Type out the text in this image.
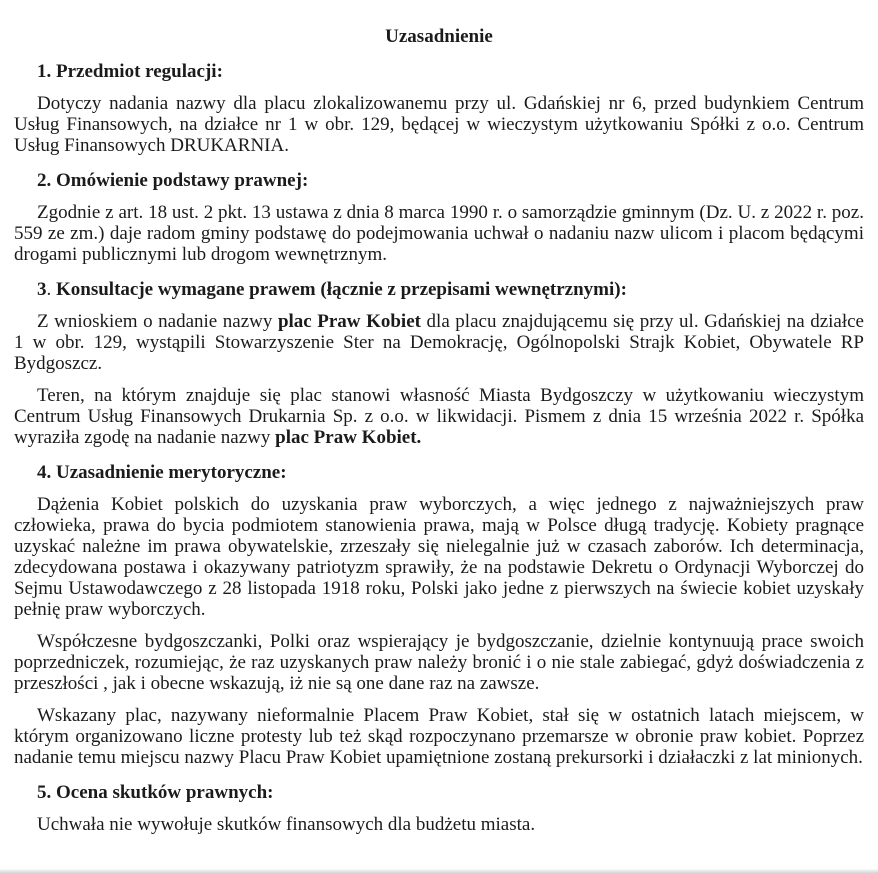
Uzasadnienie
1. Przedmiot regulacji:

Dotyczy nadania nazwy dla placu zlokalizowanemu przy ul. Gdańskiej nr 6, przed budynkiem Centrum Usług Finansowych, na działce nr 1 w obr. 129, będącej w wieczystym użytkowaniu Spółki z o.o. Centrum Usług Finansowych DRUKARNIA.

2. Omówienie podstawy prawnej:

Zgodnie z art. 18 ust. 2 pkt. 13 ustawa z dnia 8 marca 1990 r. o samorządzie gminnym (Dz. U. z 2022 r. poz. 559 ze zm.) daje radom gminy podstawę do podejmowania uchwał o nadaniu nazw ulicom i placom będącymi drogami publicznymi lub drogom wewnętrznym.

3. Konsultacje wymagane prawem (łącznie z przepisami wewnętrznymi):

Z wnioskiem o nadanie nazwy plac Praw Kobiet dla placu znajdującemu się przy ul. Gdańskiej na działce 1 w obr. 129, wystąpili Stowarzyszenie Ster na Demokrację, Ogólnopolski Strajk Kobiet, Obywatele RP Bydgoszcz.

Teren, na którym znajduje się plac stanowi własność Miasta Bydgoszczy w użytkowaniu wieczystym Centrum Usług Finansowych Drukarnia Sp. z o.o. w likwidacji. Pismem z dnia 15 września 2022 r. Spółka wyraziła zgodę na nadanie nazwy plac Praw Kobiet.

4. Uzasadnienie merytoryczne:

Dążenia Kobiet polskich do uzyskania praw wyborczych, a więc jednego z najważniejszych praw człowieka, prawa do bycia podmiotem stanowienia prawa, mają w Polsce długą tradycję. Kobiety pragnące uzyskać należne im prawa obywatelskie, zrzeszały się nielegalnie już w czasach zaborów. Ich determinacja, zdecydowana postawa i okazywany patriotyzm sprawiły, że na podstawie Dekretu o Ordynacji Wyborczej do Sejmu Ustawodawczego z 28 listopada 1918 roku, Polski jako jedne z pierwszych na świecie kobiet uzyskały pełnię praw wyborczych.

Współczesne bydgoszczanki, Polki oraz wspierający je bydgoszczanie, dzielnie kontynuują prace swoich poprzedniczek, rozumiejąc, że raz uzyskanych praw należy bronić i o nie stale zabiegać, gdyż doświadczenia z przeszłości , jak i obecne wskazują, iż nie są one dane raz na zawsze.

Wskazany plac, nazywany nieformalnie Placem Praw Kobiet, stał się w ostatnich latach miejscem, w którym organizowano liczne protesty lub też skąd rozpoczynano przemarsze w obronie praw kobiet. Poprzez nadanie temu miejscu nazwy Placu Praw Kobiet upamiętnione zostaną prekursorki i działaczki z lat minionych.

5. Ocena skutków prawnych:

Uchwała nie wywołuje skutków finansowych dla budżetu miasta.
